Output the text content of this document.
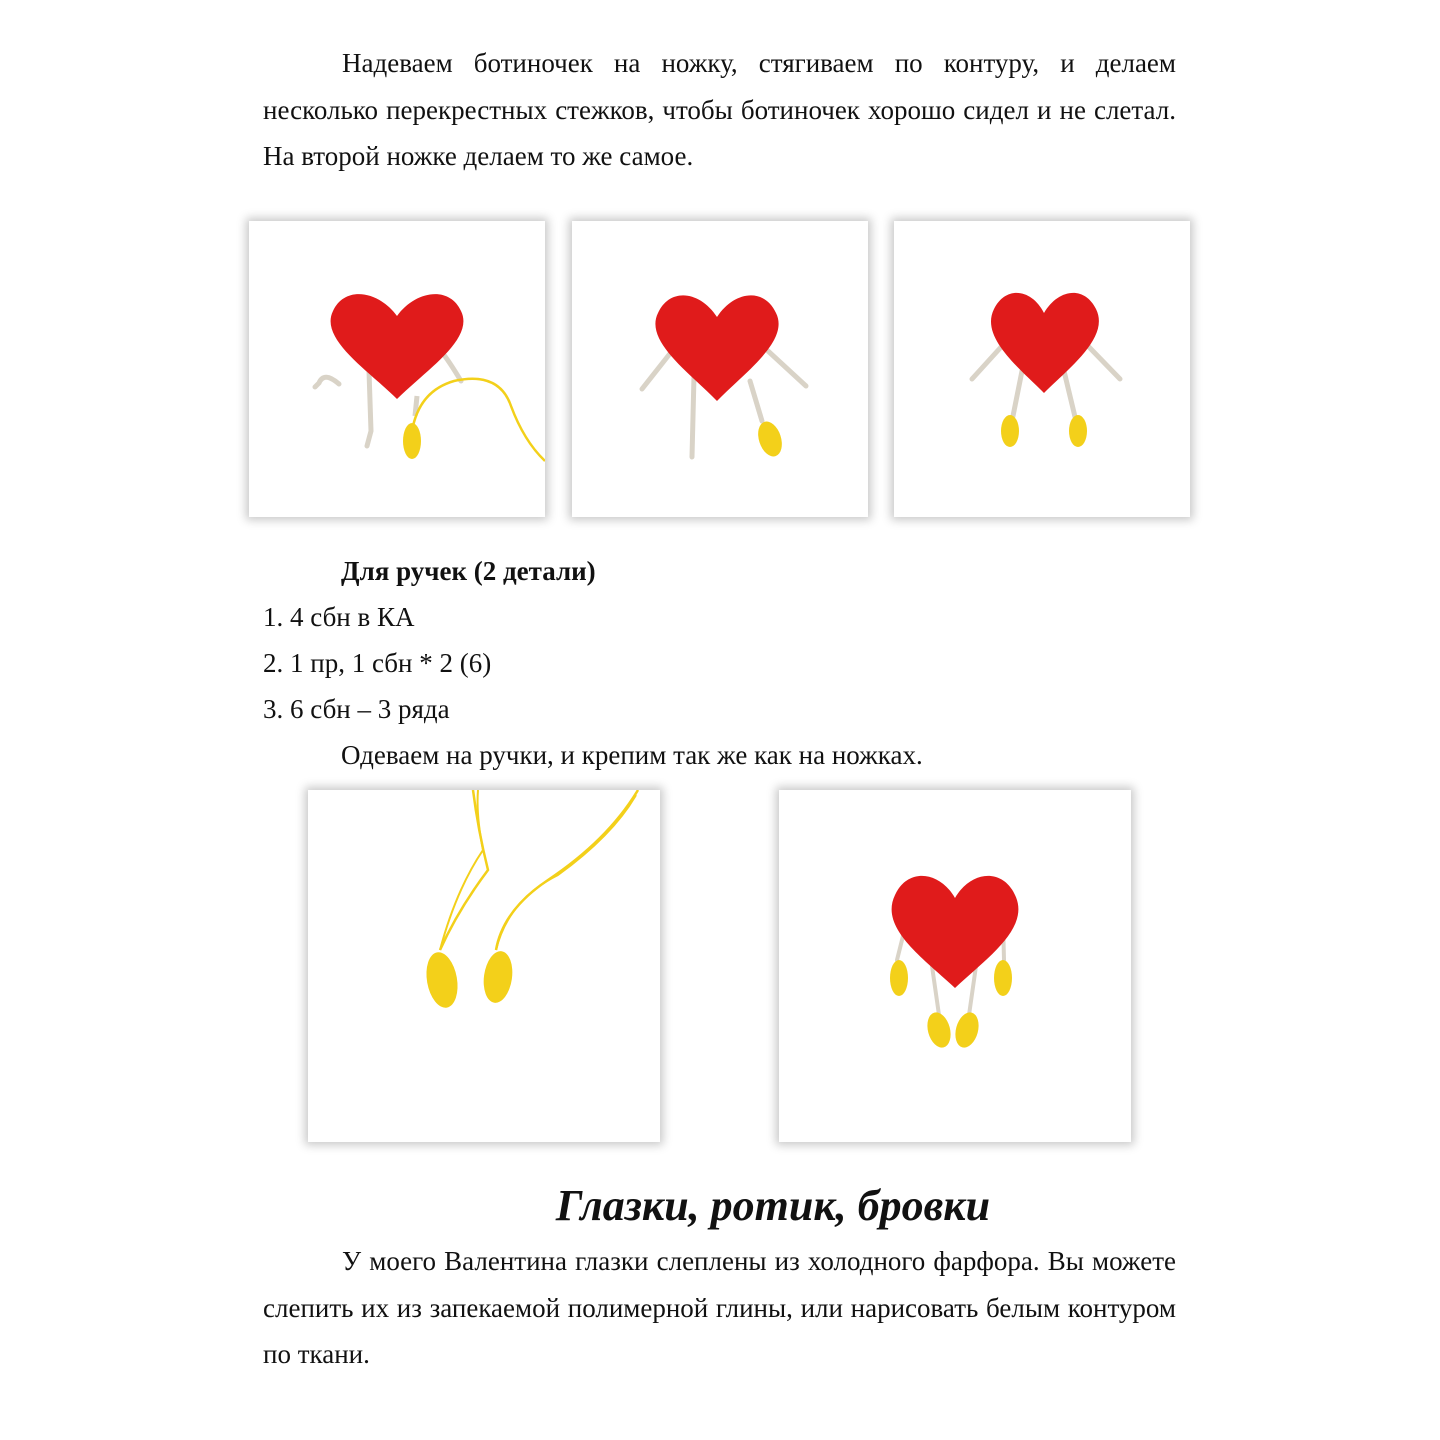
Надеваем ботиночек на ножку, стягиваем по контуру, и делаем несколько перекрестных стежков, чтобы ботиночек хорошо сидел и не слетал. На второй ножке делаем то же самое.

Для ручек (2 детали)

1. 4 сбн в КА

2. 1 пр, 1 сбн * 2 (6)

3. 6 сбн – 3 ряда

Одеваем на ручки, и крепим так же как на ножках.

Глазки, ротик, бровки

У моего Валентина глазки слеплены из холодного фарфора. Вы можете слепить их из запекаемой полимерной глины, или нарисовать белым контуром по ткани.
